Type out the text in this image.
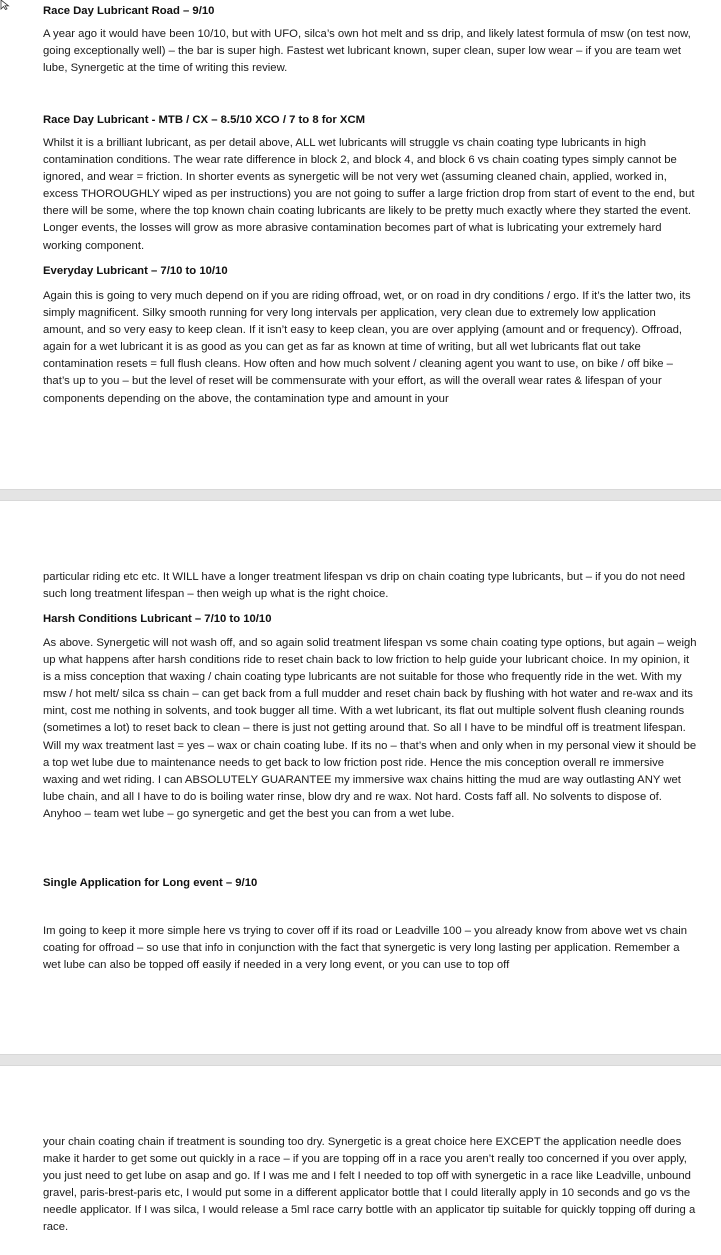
Race Day Lubricant Road – 9/10

A year ago it would have been 10/10, but with UFO, silca’s own hot melt and ss drip, and likely latest formula of msw (on test now, going exceptionally well) – the bar is super high. Fastest wet lubricant known, super clean, super low wear – if you are team wet lube, Synergetic at the time of writing this review.

Race Day Lubricant - MTB / CX – 8.5/10 XCO / 7 to 8 for XCM

Whilst it is a brilliant lubricant, as per detail above, ALL wet lubricants will struggle vs chain coating type lubricants in high contamination conditions. The wear rate difference in block 2, and block 4, and block 6 vs chain coating types simply cannot be ignored, and wear = friction. In shorter events as synergetic will be not very wet (assuming cleaned chain, applied, worked in, excess THOROUGHLY wiped as per instructions) you are not going to suffer a large friction drop from start of event to the end, but there will be some, where the top known chain coating lubricants are likely to be pretty much exactly where they started the event. Longer events, the losses will grow as more abrasive contamination becomes part of what is lubricating your extremely hard working component.

Everyday Lubricant – 7/10 to 10/10

Again this is going to very much depend on if you are riding offroad, wet, or on road in dry conditions / ergo. If it’s the latter two, its simply magnificent. Silky smooth running for very long intervals per application, very clean due to extremely low application amount, and so very easy to keep clean. If it isn’t easy to keep clean, you are over applying (amount and or frequency). Offroad, again for a wet lubricant it is as good as you can get as far as known at time of writing, but all wet lubricants flat out take contamination resets = full flush cleans. How often and how much solvent / cleaning agent you want to use, on bike / off bike – that’s up to you – but the level of reset will be commensurate with your effort, as will the overall wear rates & lifespan of your components depending on the above, the contamination type and amount in your

particular riding etc etc. It WILL have a longer treatment lifespan vs drip on chain coating type lubricants, but – if you do not need such long treatment lifespan – then weigh up what is the right choice.

Harsh Conditions Lubricant – 7/10 to 10/10

As above. Synergetic will not wash off, and so again solid treatment lifespan vs some chain coating type options, but again – weigh up what happens after harsh conditions ride to reset chain back to low friction to help guide your lubricant choice. In my opinion, it is a miss conception that waxing / chain coating type lubricants are not suitable for those who frequently ride in the wet. With my msw / hot melt/ silca ss chain – can get back from a full mudder and reset chain back by flushing with hot water and re-wax and its mint, cost me nothing in solvents, and took bugger all time. With a wet lubricant, its flat out multiple solvent flush cleaning rounds (sometimes a lot) to reset back to clean – there is just not getting around that. So all I have to be mindful off is treatment lifespan. Will my wax treatment last = yes – wax or chain coating lube. If its no – that’s when and only when in my personal view it should be a top wet lube due to maintenance needs to get back to low friction post ride. Hence the mis conception overall re immersive waxing and wet riding. I can ABSOLUTELY GUARANTEE my immersive wax chains hitting the mud are way outlasting ANY wet lube chain, and all I have to do is boiling water rinse, blow dry and re wax. Not hard. Costs faff all. No solvents to dispose of. Anyhoo – team wet lube – go synergetic and get the best you can from a wet lube.

Single Application for Long event – 9/10

Im going to keep it more simple here vs trying to cover off if its road or Leadville 100 – you already know from above wet vs chain coating for offroad – so use that info in conjunction with the fact that synergetic is very long lasting per application. Remember a wet lube can also be topped off easily if needed in a very long event, or you can use to top off

your chain coating chain if treatment is sounding too dry. Synergetic is a great choice here EXCEPT the application needle does make it harder to get some out quickly in a race – if you are topping off in a race you aren’t really too concerned if you over apply, you just need to get lube on asap and go. If I was me and I felt I needed to top off with synergetic in a race like Leadville, unbound gravel, paris-brest-paris etc, I would put some in a different applicator bottle that I could literally apply in 10 seconds and go vs the needle applicator. If I was silca, I would release a 5ml race carry bottle with an applicator tip suitable for quickly topping off during a race.
